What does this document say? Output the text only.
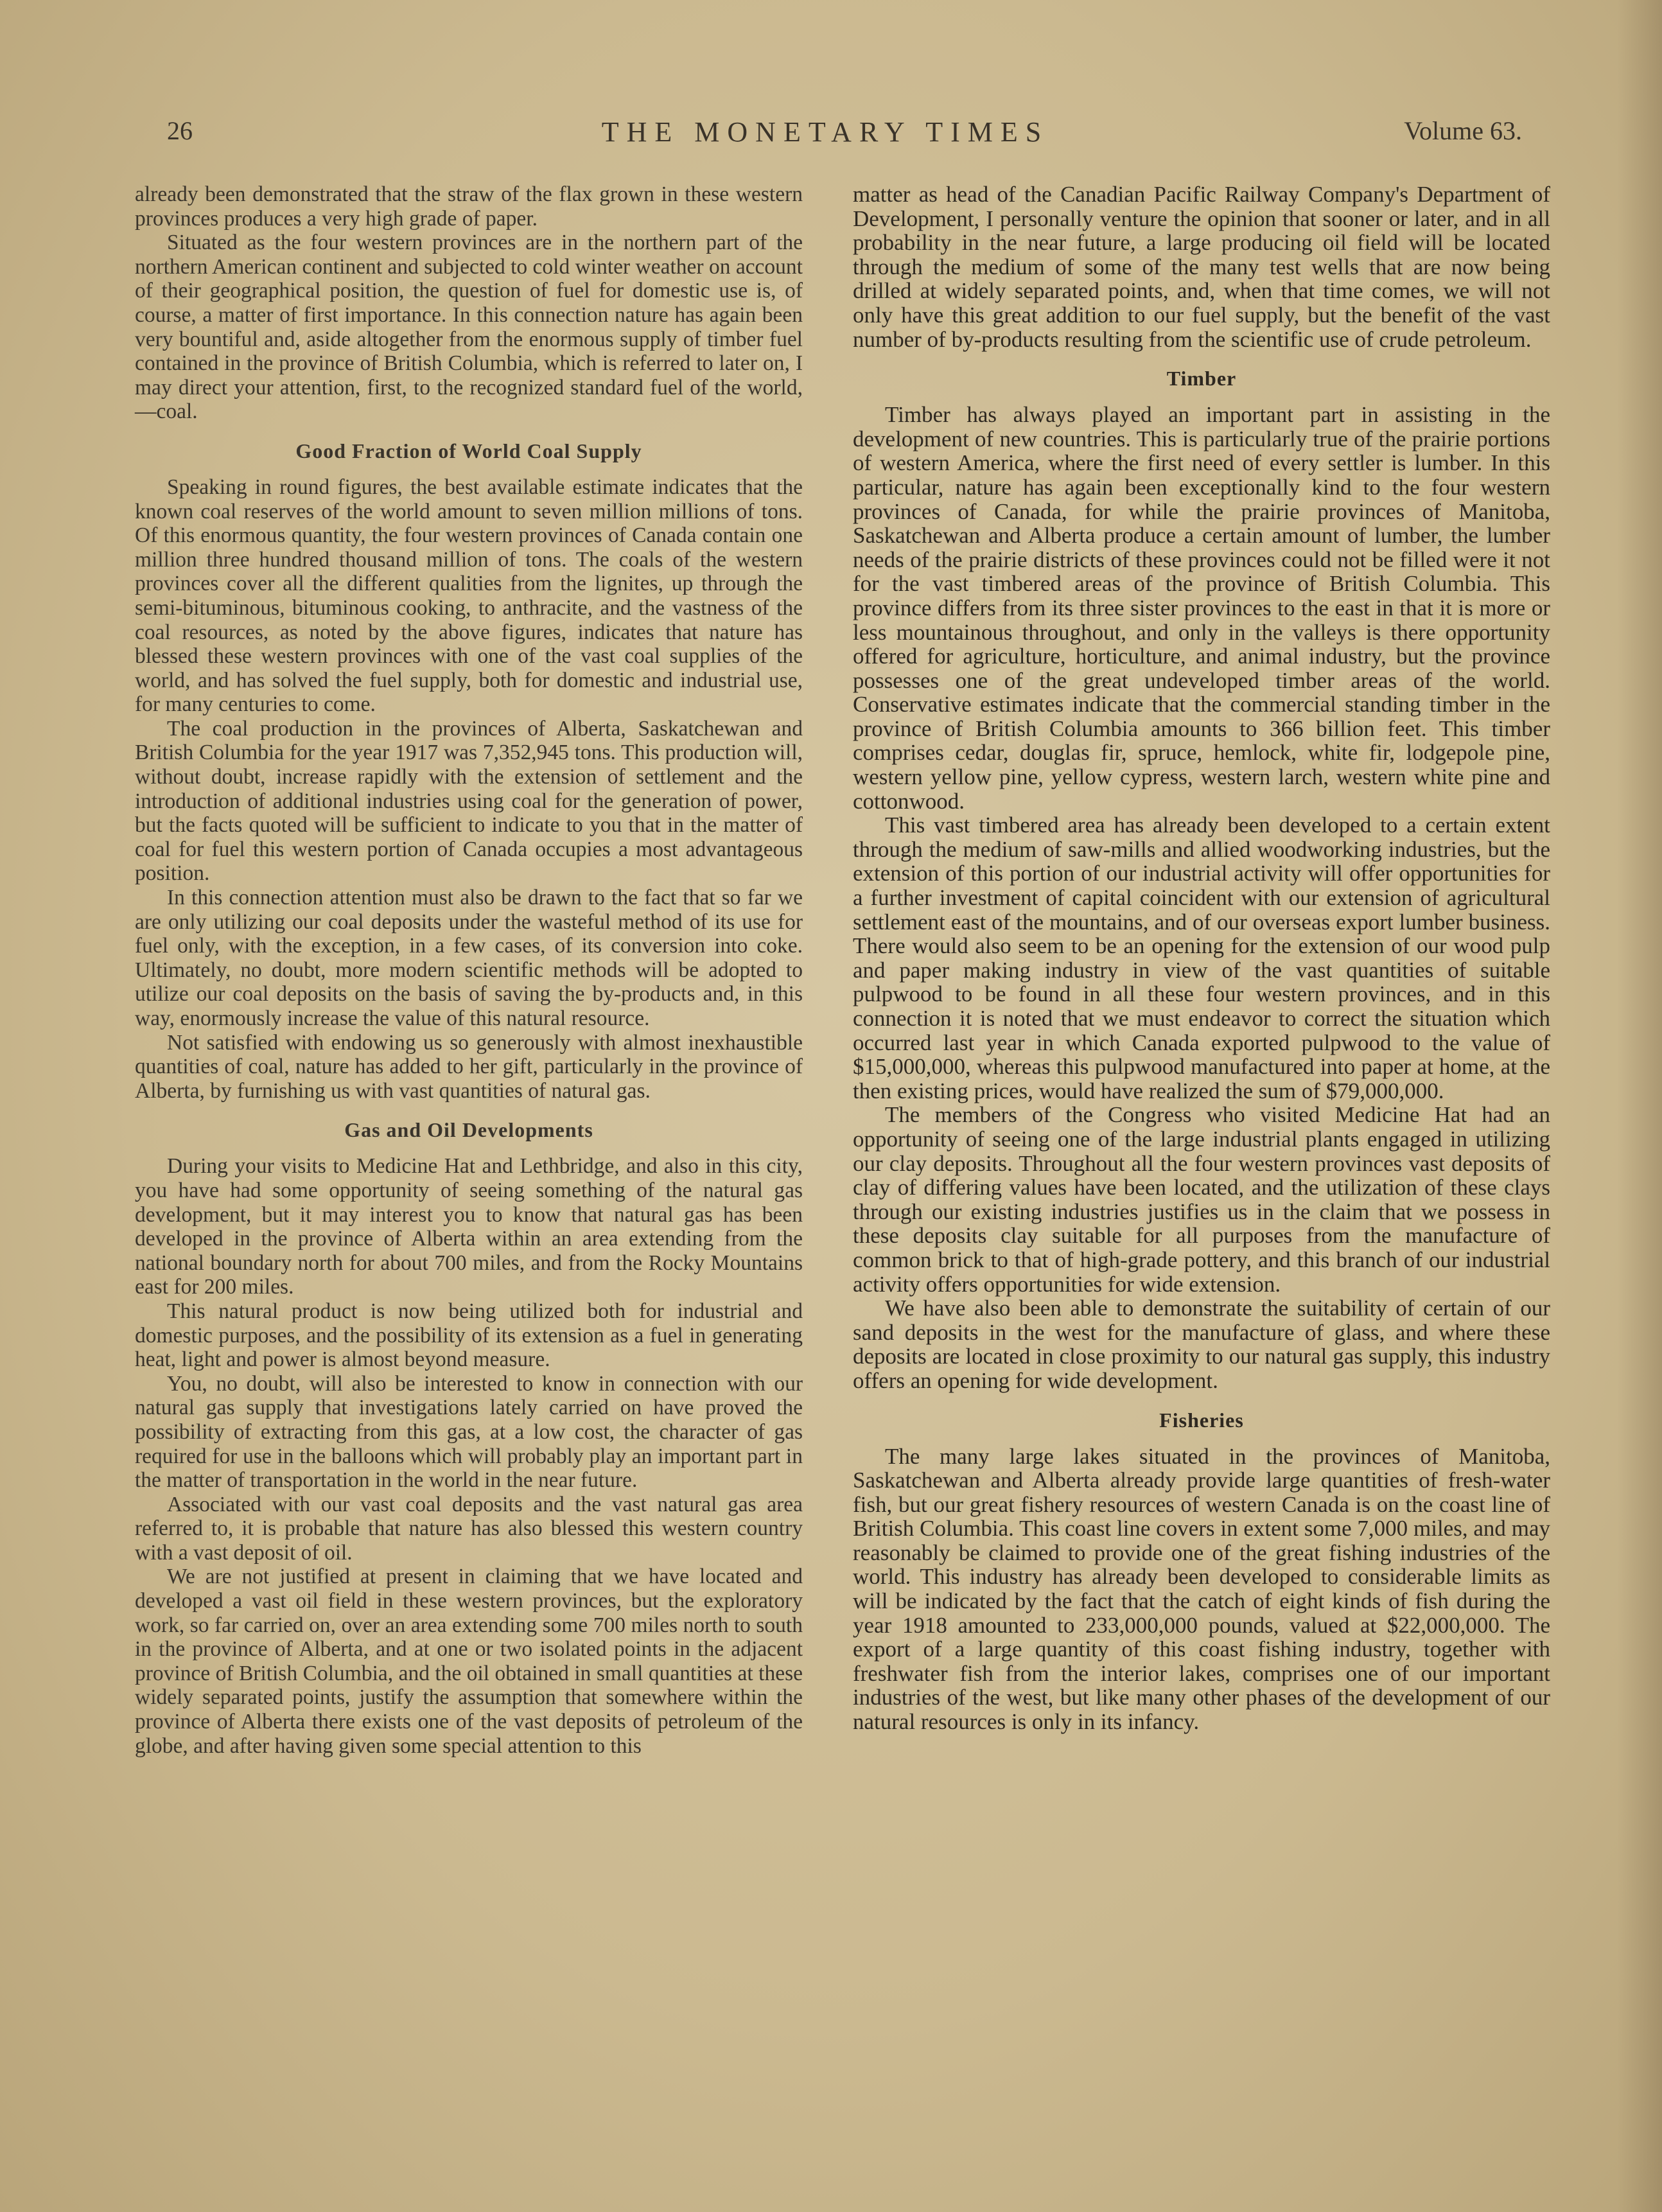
26	THE MONETARY TIMES	Volume 63.

already been demonstrated that the straw of the flax grown in these western provinces produces a very high grade of paper.

Situated as the four western provinces are in the northern part of the northern American continent and subjected to cold winter weather on account of their geographical position, the question of fuel for domestic use is, of course, a matter of first importance. In this connection nature has again been very bountiful and, aside altogether from the enormous supply of timber fuel contained in the province of British Columbia, which is referred to later on, I may direct your attention, first, to the recognized standard fuel of the world,—coal.

Good Fraction of World Coal Supply

Speaking in round figures, the best available estimate indicates that the known coal reserves of the world amount to seven million millions of tons. Of this enormous quantity, the four western provinces of Canada contain one million three hundred thousand million of tons. The coals of the western provinces cover all the different qualities from the lignites, up through the semi-bituminous, bituminous cooking, to anthracite, and the vastness of the coal resources, as noted by the above figures, indicates that nature has blessed these western provinces with one of the vast coal supplies of the world, and has solved the fuel supply, both for domestic and industrial use, for many centuries to come.

The coal production in the provinces of Alberta, Saskatchewan and British Columbia for the year 1917 was 7,352,945 tons. This production will, without doubt, increase rapidly with the extension of settlement and the introduction of additional industries using coal for the generation of power, but the facts quoted will be sufficient to indicate to you that in the matter of coal for fuel this western portion of Canada occupies a most advantageous position.

In this connection attention must also be drawn to the fact that so far we are only utilizing our coal deposits under the wasteful method of its use for fuel only, with the exception, in a few cases, of its conversion into coke. Ultimately, no doubt, more modern scientific methods will be adopted to utilize our coal deposits on the basis of saving the by-products and, in this way, enormously increase the value of this natural resource.

Not satisfied with endowing us so generously with almost inexhaustible quantities of coal, nature has added to her gift, particularly in the province of Alberta, by furnishing us with vast quantities of natural gas.

Gas and Oil Developments

During your visits to Medicine Hat and Lethbridge, and also in this city, you have had some opportunity of seeing something of the natural gas development, but it may interest you to know that natural gas has been developed in the province of Alberta within an area extending from the national boundary north for about 700 miles, and from the Rocky Mountains east for 200 miles.

This natural product is now being utilized both for industrial and domestic purposes, and the possibility of its extension as a fuel in generating heat, light and power is almost beyond measure.

You, no doubt, will also be interested to know in connection with our natural gas supply that investigations lately carried on have proved the possibility of extracting from this gas, at a low cost, the character of gas required for use in the balloons which will probably play an important part in the matter of transportation in the world in the near future.

Associated with our vast coal deposits and the vast natural gas area referred to, it is probable that nature has also blessed this western country with a vast deposit of oil.

We are not justified at present in claiming that we have located and developed a vast oil field in these western provinces, but the exploratory work, so far carried on, over an area extending some 700 miles north to south in the province of Alberta, and at one or two isolated points in the adjacent province of British Columbia, and the oil obtained in small quantities at these widely separated points, justify the assumption that somewhere within the province of Alberta there exists one of the vast deposits of petroleum of the globe, and after having given some special attention to this

matter as head of the Canadian Pacific Railway Company's Department of Development, I personally venture the opinion that sooner or later, and in all probability in the near future, a large producing oil field will be located through the medium of some of the many test wells that are now being drilled at widely separated points, and, when that time comes, we will not only have this great addition to our fuel supply, but the benefit of the vast number of by-products resulting from the scientific use of crude petroleum.

Timber

Timber has always played an important part in assisting in the development of new countries. This is particularly true of the prairie portions of western America, where the first need of every settler is lumber. In this particular, nature has again been exceptionally kind to the four western provinces of Canada, for while the prairie provinces of Manitoba, Saskatchewan and Alberta produce a certain amount of lumber, the lumber needs of the prairie districts of these provinces could not be filled were it not for the vast timbered areas of the province of British Columbia. This province differs from its three sister provinces to the east in that it is more or less mountainous throughout, and only in the valleys is there opportunity offered for agriculture, horticulture, and animal industry, but the province possesses one of the great undeveloped timber areas of the world. Conservative estimates indicate that the commercial standing timber in the province of British Columbia amounts to 366 billion feet. This timber comprises cedar, douglas fir, spruce, hemlock, white fir, lodgepole pine, western yellow pine, yellow cypress, western larch, western white pine and cottonwood.

This vast timbered area has already been developed to a certain extent through the medium of saw-mills and allied woodworking industries, but the extension of this portion of our industrial activity will offer opportunities for a further investment of capital coincident with our extension of agricultural settlement east of the mountains, and of our overseas export lumber business. There would also seem to be an opening for the extension of our wood pulp and paper making industry in view of the vast quantities of suitable pulpwood to be found in all these four western provinces, and in this connection it is noted that we must endeavor to correct the situation which occurred last year in which Canada exported pulpwood to the value of $15,000,000, whereas this pulpwood manufactured into paper at home, at the then existing prices, would have realized the sum of $79,000,000.

The members of the Congress who visited Medicine Hat had an opportunity of seeing one of the large industrial plants engaged in utilizing our clay deposits. Throughout all the four western provinces vast deposits of clay of differing values have been located, and the utilization of these clays through our existing industries justifies us in the claim that we possess in these deposits clay suitable for all purposes from the manufacture of common brick to that of high-grade pottery, and this branch of our industrial activity offers opportunities for wide extension.

We have also been able to demonstrate the suitability of certain of our sand deposits in the west for the manufacture of glass, and where these deposits are located in close proximity to our natural gas supply, this industry offers an opening for wide development.

Fisheries

The many large lakes situated in the provinces of Manitoba, Saskatchewan and Alberta already provide large quantities of fresh-water fish, but our great fishery resources of western Canada is on the coast line of British Columbia. This coast line covers in extent some 7,000 miles, and may reasonably be claimed to provide one of the great fishing industries of the world. This industry has already been developed to considerable limits as will be indicated by the fact that the catch of eight kinds of fish during the year 1918 amounted to 233,000,000 pounds, valued at $22,000,000. The export of a large quantity of this coast fishing industry, together with freshwater fish from the interior lakes, comprises one of our important industries of the west, but like many other phases of the development of our natural resources is only in its infancy.
